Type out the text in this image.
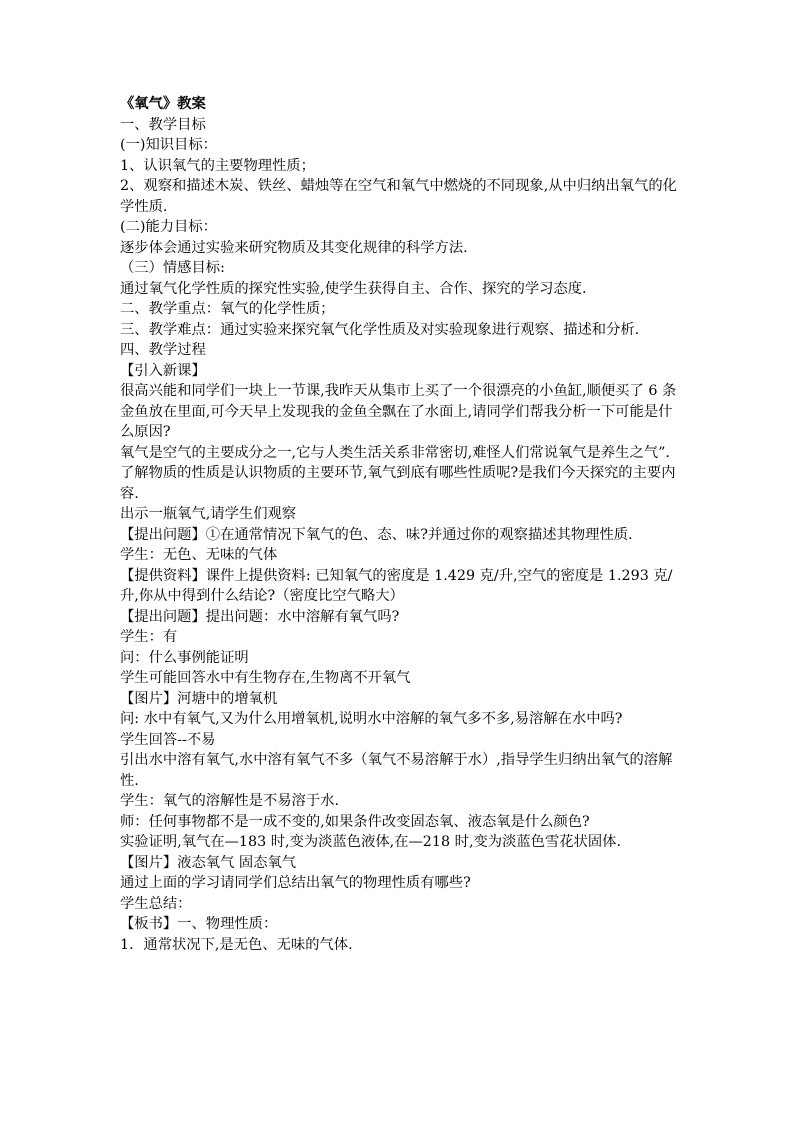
《氧气》教案

一、教学目标

(一)知识目标：

1、认识氧气的主要物理性质；

2、观察和描述木炭、铁丝、蜡烛等在空气和氧气中燃烧的不同现象,从中归纳出氧气的化学性质.

(二)能力目标：

逐步体会通过实验来研究物质及其变化规律的科学方法.

（三）情感目标:

通过氧气化学性质的探究性实验,使学生获得自主、合作、探究的学习态度.

二、教学重点：氧气的化学性质；

三、教学难点：通过实验来探究氧气化学性质及对实验现象进行观察、描述和分析.

四、教学过程

【引入新课】

很高兴能和同学们一块上一节课,我昨天从集市上买了一个很漂亮的小鱼缸,顺便买了 6 条金鱼放在里面,可今天早上发现我的金鱼全飘在了水面上,请同学们帮我分析一下可能是什么原因?

氧气是空气的主要成分之一,它与人类生活关系非常密切,难怪人们常说氧气是养生之气”.了解物质的性质是认识物质的主要环节,氧气到底有哪些性质呢?是我们今天探究的主要内容.

出示一瓶氧气,请学生们观察

【提出问题】①在通常情况下氧气的色、态、味?并通过你的观察描述其物理性质.

学生：无色、无味的气体

【提供资料】课件上提供资料: 已知氧气的密度是 1.429 克/升,空气的密度是 1.293 克/升,你从中得到什么结论?（密度比空气略大）

【提出问题】提出问题：水中溶解有氧气吗?

学生：有

问：什么事例能证明

学生可能回答水中有生物存在,生物离不开氧气

【图片】河塘中的增氧机

问: 水中有氧气,又为什么用增氧机,说明水中溶解的氧气多不多,易溶解在水中吗?

学生回答--不易

引出水中溶有氧气,水中溶有氧气不多（氧气不易溶解于水）,指导学生归纳出氧气的溶解性.

学生：氧气的溶解性是不易溶于水.

师：任何事物都不是一成不变的,如果条件改变固态氧、液态氧是什么颜色?

实验证明,氧气在—183 时,变为淡蓝色液体,在—218 时,变为淡蓝色雪花状固体.

【图片】液态氧气 固态氧气

通过上面的学习请同学们总结出氧气的物理性质有哪些?

学生总结：

【板书】一、物理性质：

1．通常状况下,是无色、无味的气体.
